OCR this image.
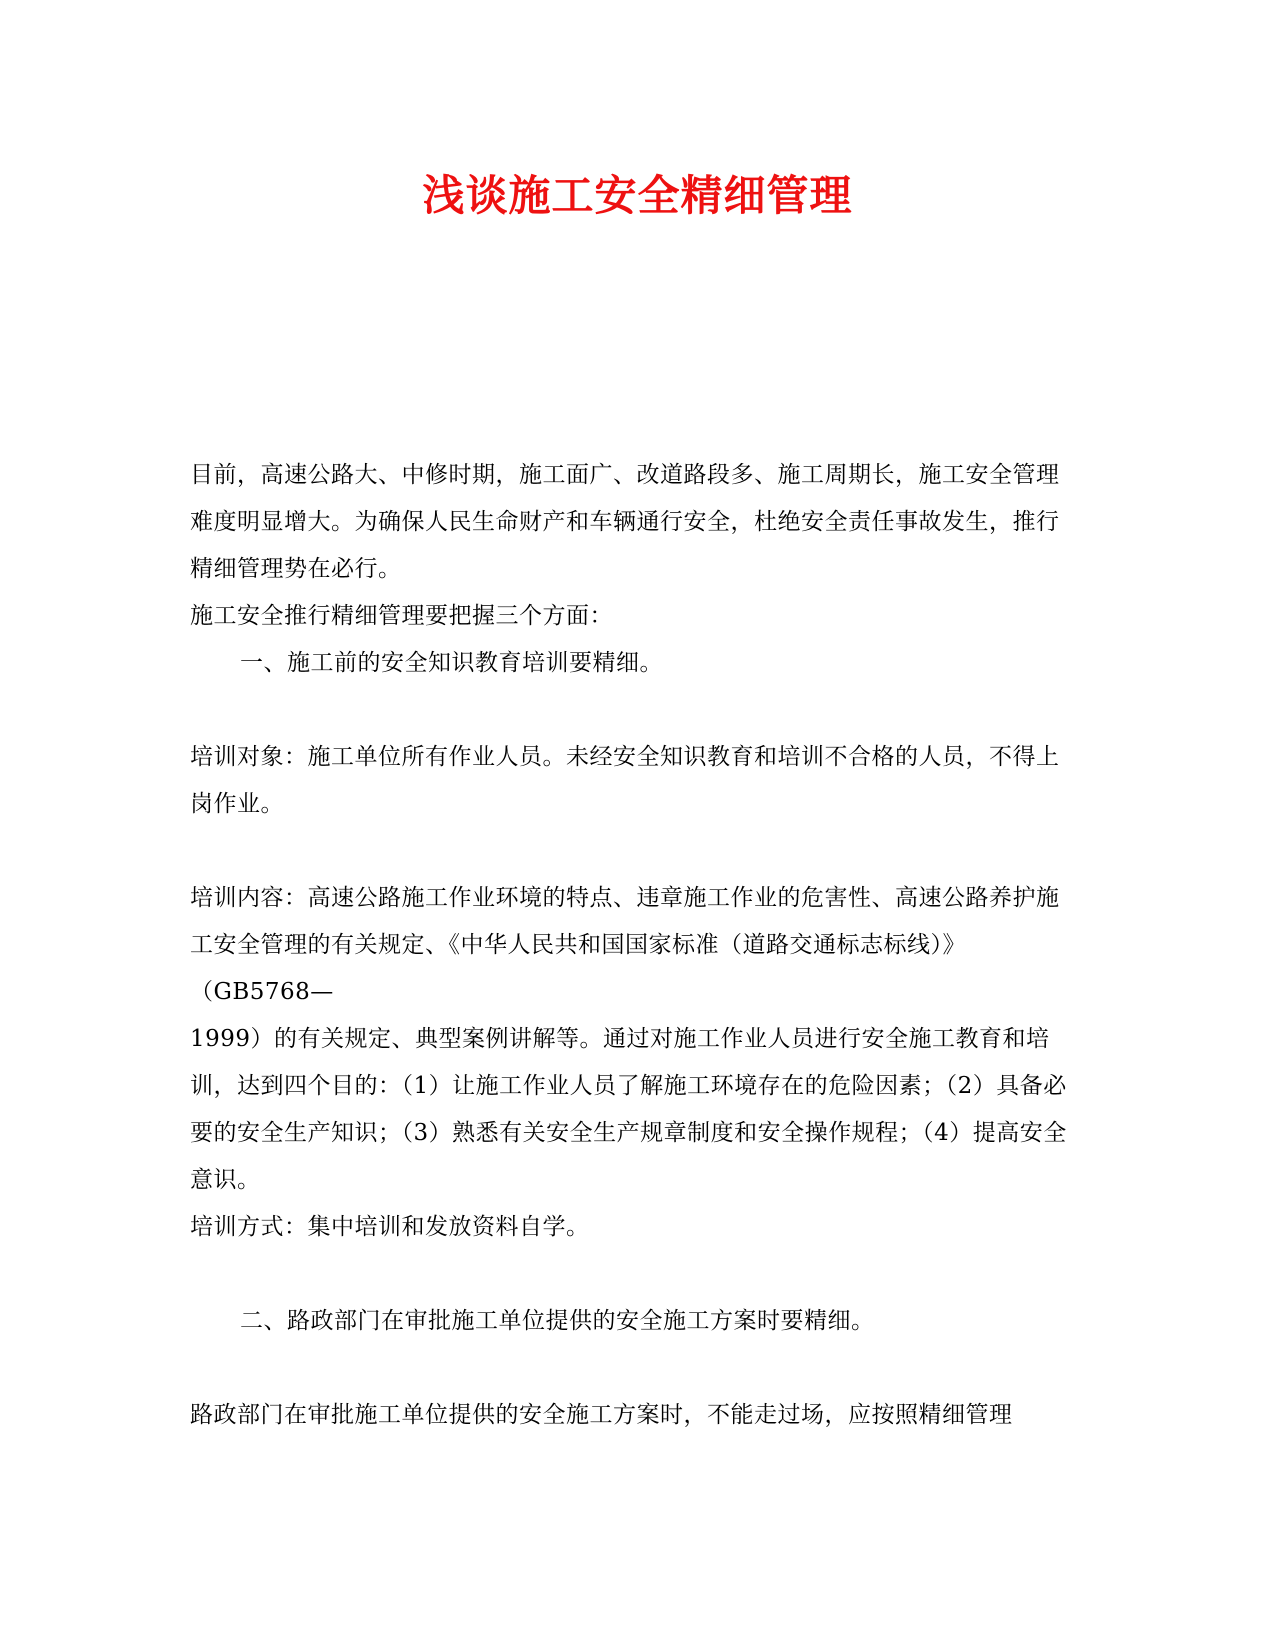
浅谈施工安全精细管理

目前，高速公路大、中修时期，施工面广、改道路段多、施工周期长，施工安全管理难度明显增大。为确保人民生命财产和车辆通行安全，杜绝安全责任事故发生，推行精细管理势在必行。

施工安全推行精细管理要把握三个方面：

一、施工前的安全知识教育培训要精细。

培训对象：施工单位所有作业人员。未经安全知识教育和培训不合格的人员，不得上岗作业。

培训内容：高速公路施工作业环境的特点、违章施工作业的危害性、高速公路养护施工安全管理的有关规定、《中华人民共和国国家标准（道路交通标志标线）》（GB5768—

1999）的有关规定、典型案例讲解等。通过对施工作业人员进行安全施工教育和培训，达到四个目的：（1）让施工作业人员了解施工环境存在的危险因素；（2）具备必要的安全生产知识；（3）熟悉有关安全生产规章制度和安全操作规程；（4）提高安全意识。

培训方式：集中培训和发放资料自学。

二、路政部门在审批施工单位提供的安全施工方案时要精细。

路政部门在审批施工单位提供的安全施工方案时，不能走过场，应按照精细管理
